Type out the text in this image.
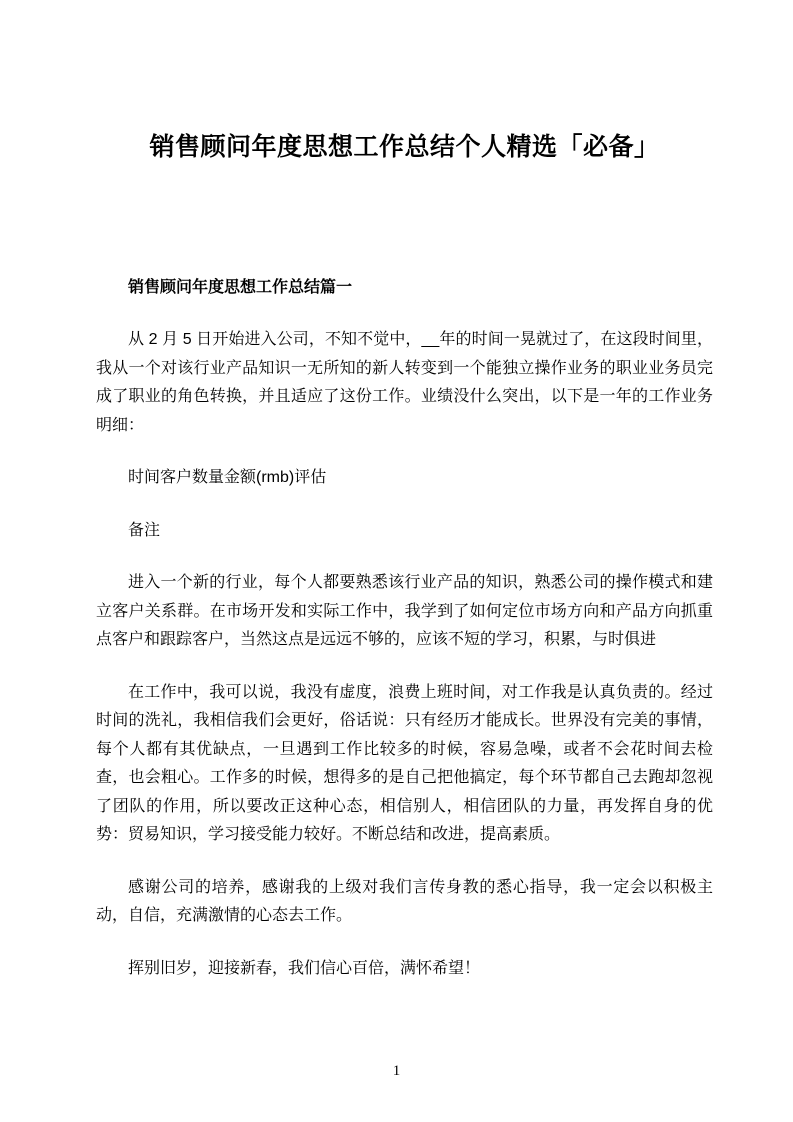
销售顾问年度思想工作总结个人精选「必备」

销售顾问年度思想工作总结篇一

从 2 月 5 日开始进入公司，不知不觉中，__年的时间一晃就过了，在这段时间里，我从一个对该行业产品知识一无所知的新人转变到一个能独立操作业务的职业业务员完成了职业的角色转换，并且适应了这份工作。业绩没什么突出，以下是一年的工作业务明细：

时间客户数量金额(rmb)评估

备注

进入一个新的行业，每个人都要熟悉该行业产品的知识，熟悉公司的操作模式和建立客户关系群。在市场开发和实际工作中，我学到了如何定位市场方向和产品方向抓重点客户和跟踪客户，当然这点是远远不够的，应该不短的学习，积累，与时俱进

在工作中，我可以说，我没有虚度，浪费上班时间，对工作我是认真负责的。经过时间的洗礼，我相信我们会更好，俗话说：只有经历才能成长。世界没有完美的事情，每个人都有其优缺点，一旦遇到工作比较多的时候，容易急噪，或者不会花时间去检查，也会粗心。工作多的时候，想得多的是自己把他搞定，每个环节都自己去跑却忽视了团队的作用，所以要改正这种心态，相信别人，相信团队的力量，再发挥自身的优势：贸易知识，学习接受能力较好。不断总结和改进，提高素质。

感谢公司的培养，感谢我的上级对我们言传身教的悉心指导，我一定会以积极主动，自信，充满激情的心态去工作。

挥别旧岁，迎接新春，我们信心百倍，满怀希望！

1
